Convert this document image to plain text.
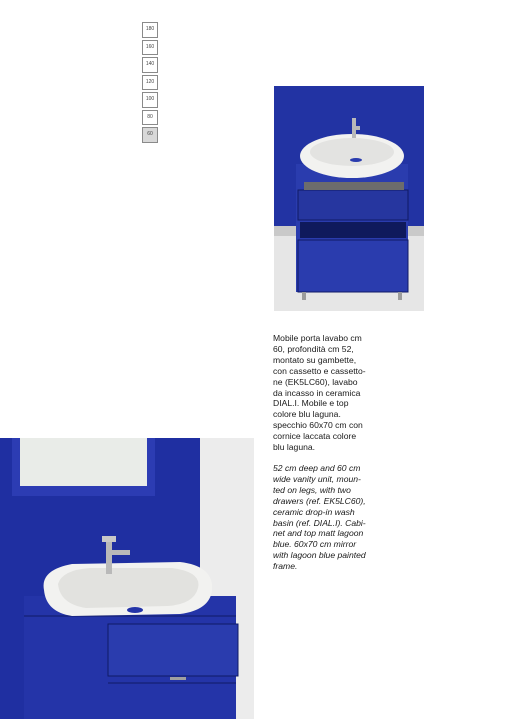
180
160
140
120
100
80
60

Mobile porta lavabo cm
60, profondità cm 52,
montato su gambette,
con cassetto e cassetto-
ne (EK5LC60), lavabo
da incasso in ceramica
DIAL.I. Mobile e top
colore blu laguna.
specchio 60x70 cm con
cornice laccata colore
blu laguna.

52 cm deep and 60 cm
wide vanity unit, moun-
ted on legs, with two
drawers (ref. EK5LC60),
ceramic drop-in wash
basin (ref. DIAL.I). Cabi-
net and top matt lagoon
blue. 60x70 cm mirror
with lagoon blue painted
frame.
